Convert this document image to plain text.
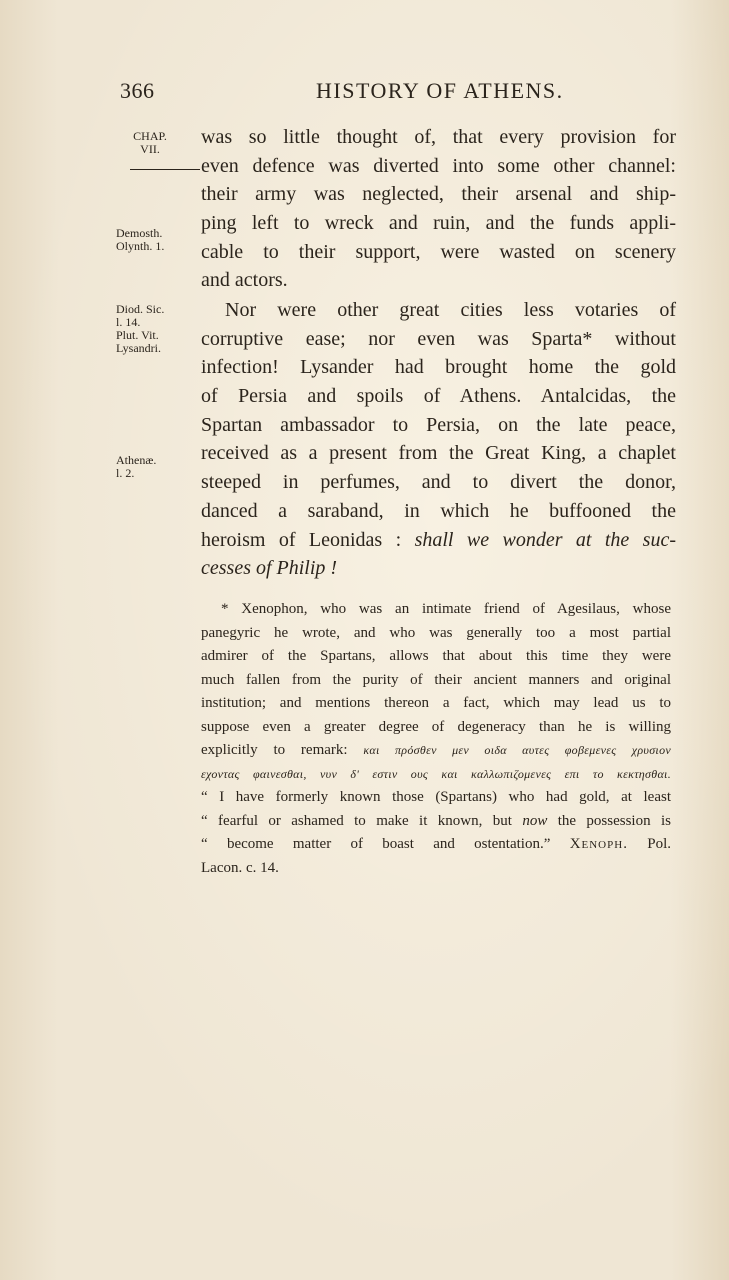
366	HISTORY OF ATHENS.
CHAP.
VII.
Demosth.
Olynth. 1.
Diod. Sic.
l. 14.
Plut. Vit.
Lysandri.
Athenæ.
l. 2.
was so little thought of, that every provision for
even defence was diverted into some other channel:
their army was neglected, their arsenal and ship-
ping left to wreck and ruin, and the funds appli-
cable to their support, were wasted on scenery
and actors.
Nor were other great cities less votaries of
corruptive ease; nor even was Sparta* without
infection! Lysander had brought home the gold
of Persia and spoils of Athens. Antalcidas, the
Spartan ambassador to Persia, on the late peace,
received as a present from the Great King, a chaplet
steeped in perfumes, and to divert the donor,
danced a saraband, in which he buffooned the
heroism of Leonidas : shall we wonder at the suc-
cesses of Philip !
* Xenophon, who was an intimate friend of Agesilaus, whose
panegyric he wrote, and who was generally too a most partial
admirer of the Spartans, allows that about this time they were
much fallen from the purity of their ancient manners and original
institution; and mentions thereon a fact, which may lead us to
suppose even a greater degree of degeneracy than he is willing
explicitly to remark: και πρόσθεν μεν οιδα αυτες φοβεμενες χρυσιον
εχοντας φαινεσθαι, νυν δ' εστιν ους και καλλωπιζομενες επι το κεκτησθαι.
“ I have formerly known those (Spartans) who had gold, at least
“ fearful or ashamed to make it known, but now the possession is
“ become matter of boast and ostentation.” Xenoph. Pol.
Lacon. c. 14.
